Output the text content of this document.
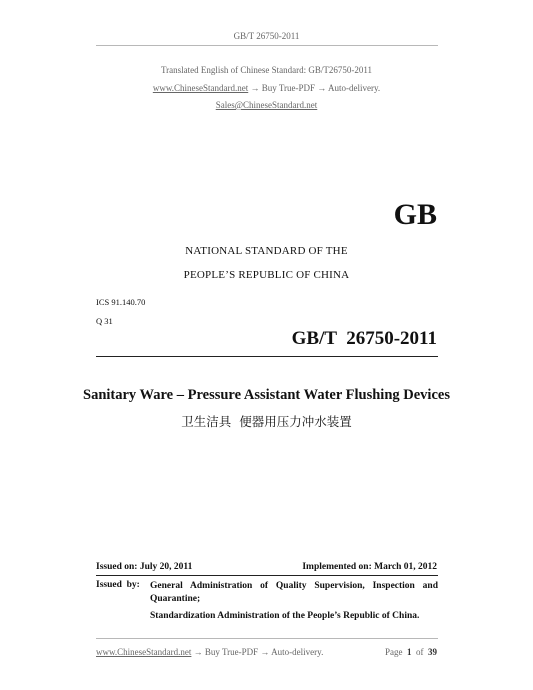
GB/T 26750-2011
Translated English of Chinese Standard: GB/T26750-2011
www.ChineseStandard.net → Buy True-PDF → Auto-delivery.
Sales@ChineseStandard.net
GB
NATIONAL STANDARD OF THE
PEOPLE’S REPUBLIC OF CHINA
ICS 91.140.70
Q 31
GB/T  26750-2011
Sanitary Ware – Pressure Assistant Water Flushing Devices
卫生洁具  便器用压力冲水装置
Issued on: July 20, 2011	Implemented on: March 01, 2012
Issued  by: General Administration of Quality Supervision, Inspection and Quarantine;
Standardization Administration of the People’s Republic of China.
www.ChineseStandard.net → Buy True-PDF → Auto-delivery.	Page 1 of 39
